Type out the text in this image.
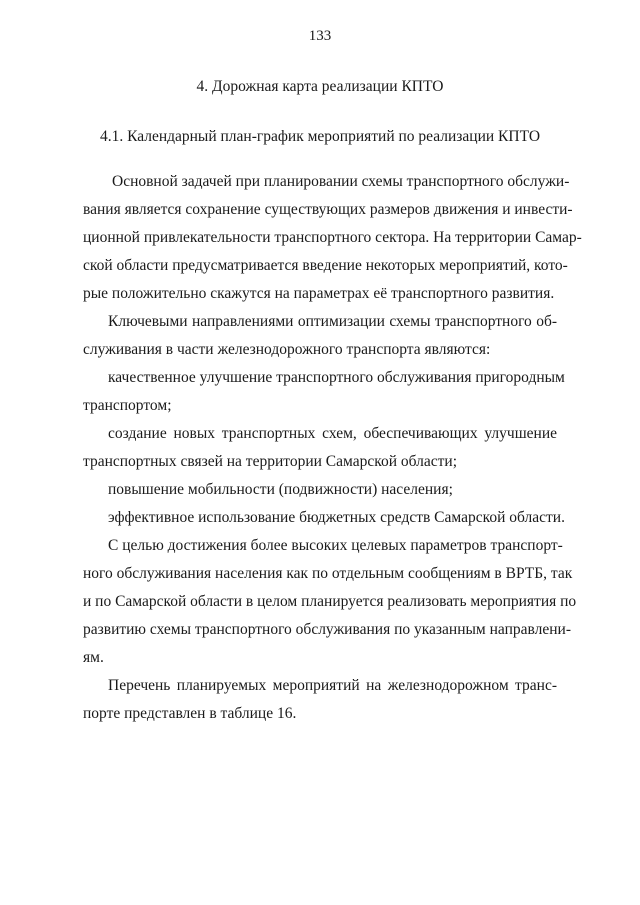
133
4. Дорожная карта реализации КПТО
4.1. Календарный план-график мероприятий по реализации КПТО
Основной задачей при планировании схемы транспортного обслужи-
вания является сохранение существующих размеров движения и инвести-
ционной привлекательности транспортного сектора. На территории Самар-
ской области предусматривается введение некоторых мероприятий, кото-
рые положительно скажутся на параметрах её транспортного развития.
Ключевыми направлениями оптимизации схемы транспортного об-
служивания в части железнодорожного транспорта являются:
качественное улучшение транспортного обслуживания пригородным
транспортом;
создание новых транспортных схем, обеспечивающих улучшение
транспортных связей на территории Самарской области;
повышение мобильности (подвижности) населения;
эффективное использование бюджетных средств Самарской области.
С целью достижения более высоких целевых параметров транспорт-
ного обслуживания населения как по отдельным сообщениям в ВРТБ, так
и по Самарской области в целом планируется реализовать мероприятия по
развитию схемы транспортного обслуживания по указанным направлени-
ям.
Перечень планируемых мероприятий на железнодорожном транс-
порте представлен в таблице 16.
